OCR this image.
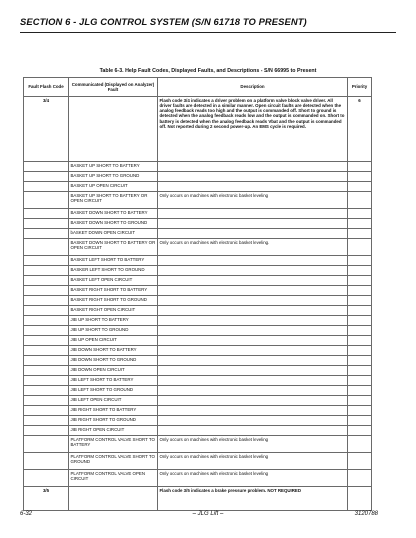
SECTION 6 - JLG CONTROL SYSTEM (S/N 61718 TO PRESENT)
Table 6-3. Help Fault Codes, Displayed Faults, and Descriptions - S/N 66995 to Present
Fault Flash Code	Communicated (Displayed on Analyzer) Fault	Description	Priority
3/4		Flash code 3/4 indicates a driver problem on a platform valve block valve driver. All driver faults are detected in a similar manner. Open circuit faults are detected when the analog feedback reads too high and the output is commanded off. Short to ground is detected when the analog feedback reads low and the output is commanded on. Short to battery is detected when the analog feedback reads Vbat and the output is commanded off. Not reported during 2 second power-up. An EMS cycle is required.	6
	BASKET UP SHORT TO BATTERY		
	BASKET UP SHORT TO GROUND		
	BASKET UP OPEN CIRCUIT		
	BASKET UP SHORT TO BATTERY OR OPEN CIRCUIT	Only occurs on machines with electronic basket leveling	
	BASKET DOWN SHORT TO BATTERY		
	BASKET DOWN SHORT TO GROUND		
	bASKET DOWN OPEN CIRCUIT		
	BASKET DOWN SHORT TO BATTERY OR OPEN CIRCUIT	Only occurs on machines with electronic basket leveling.	
	BASKET LEFT SHORT TO BATTERY		
	BASKER LEFT SHORT TO GROUND		
	BASKET LEFT OPEN CIRCUIT		
	BASKET RIGHT SHORT TO BATTERY		
	BASKET RIGHT SHORT TO GROUND		
	BASKET RIGHT OPEN CIRCUIT		
	JIB UP SHORT TO BATTERY		
	JIB UP SHORT TO GROUND		
	JIB UP OPEN CIRCUIT		
	JIB DOWN SHORT TO BATTERY		
	JIB DOWN SHORT TO GROUND		
	JIB DOWN OPEN CIRCUIT		
	JIB LEFT SHORT TO BATTERY		
	JIB LEFT SHORT TO GROUND		
	JIB LEFT OPEN CIRCUIT		
	JIB RIGHT SHORT TO BATTERY		
	JIB RIGHT SHORT TO GROUND		
	JIB RIGHT OPEN CIRCUIT		
	PLATFORM CONTROL VALVE SHORT TO BATTERY	Only occurs on machines with electronic basket leveling	
	PLATFORM CONTROL VALVE SHORT TO GROUND	Only occurs on machines with electronic basket leveling	
	PLATFORM CONTROL VALVE OPEN CIRCUIT	Only occurs on machines with electronic basket leveling	
3/5		Flash code 3/5 indicates a brake pressure problem. NOT REQUIRED	
6-32	– JLG Lift –	3120788
